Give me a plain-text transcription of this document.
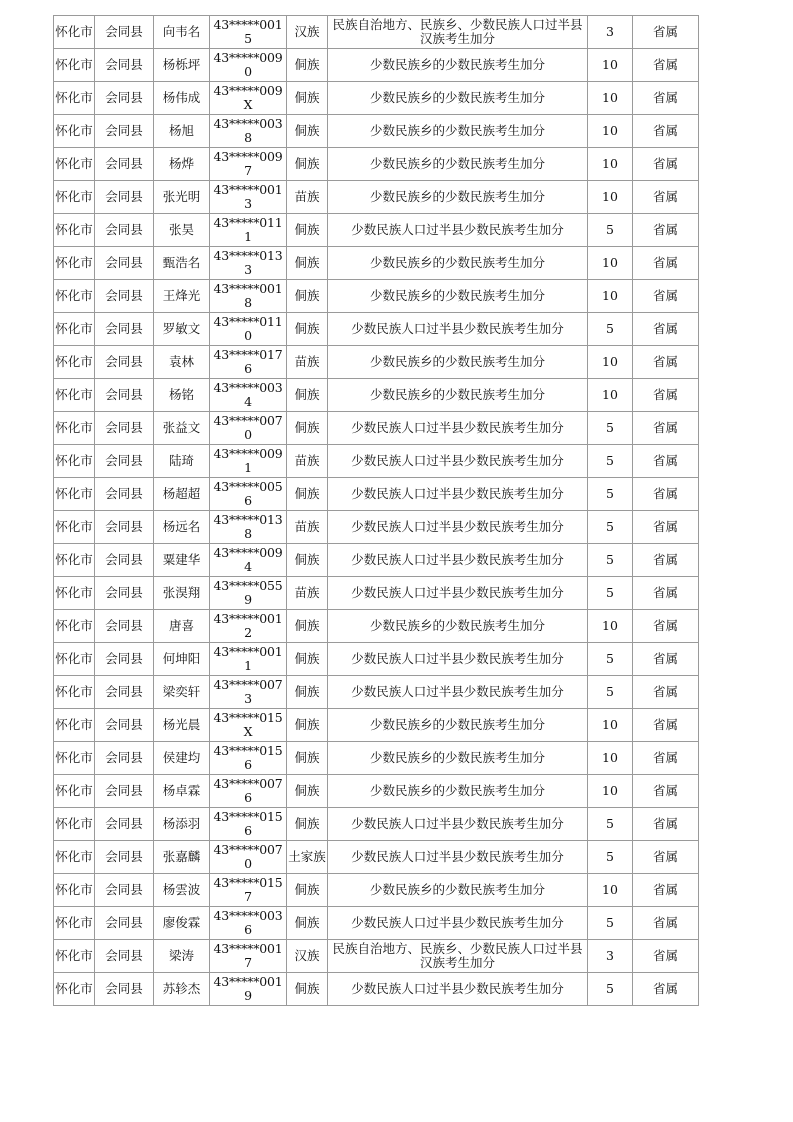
怀化市	会同县	向韦名	43*****0015	汉族	民族自治地方、民族乡、少数民族人口过半县汉族考生加分	3	省属
怀化市	会同县	杨栎坪	43*****0090	侗族	少数民族乡的少数民族考生加分	10	省属
怀化市	会同县	杨伟成	43*****009X	侗族	少数民族乡的少数民族考生加分	10	省属
怀化市	会同县	杨旭	43*****0038	侗族	少数民族乡的少数民族考生加分	10	省属
怀化市	会同县	杨烨	43*****0097	侗族	少数民族乡的少数民族考生加分	10	省属
怀化市	会同县	张光明	43*****0013	苗族	少数民族乡的少数民族考生加分	10	省属
怀化市	会同县	张昊	43*****0111	侗族	少数民族人口过半县少数民族考生加分	5	省属
怀化市	会同县	甄浩名	43*****0133	侗族	少数民族乡的少数民族考生加分	10	省属
怀化市	会同县	王烽光	43*****0018	侗族	少数民族乡的少数民族考生加分	10	省属
怀化市	会同县	罗敏文	43*****0110	侗族	少数民族人口过半县少数民族考生加分	5	省属
怀化市	会同县	袁林	43*****0176	苗族	少数民族乡的少数民族考生加分	10	省属
怀化市	会同县	杨铭	43*****0034	侗族	少数民族乡的少数民族考生加分	10	省属
怀化市	会同县	张益文	43*****0070	侗族	少数民族人口过半县少数民族考生加分	5	省属
怀化市	会同县	陆琦	43*****0091	苗族	少数民族人口过半县少数民族考生加分	5	省属
怀化市	会同县	杨超超	43*****0056	侗族	少数民族人口过半县少数民族考生加分	5	省属
怀化市	会同县	杨远名	43*****0138	苗族	少数民族人口过半县少数民族考生加分	5	省属
怀化市	会同县	粟建华	43*****0094	侗族	少数民族人口过半县少数民族考生加分	5	省属
怀化市	会同县	张淏翔	43*****0559	苗族	少数民族人口过半县少数民族考生加分	5	省属
怀化市	会同县	唐喜	43*****0012	侗族	少数民族乡的少数民族考生加分	10	省属
怀化市	会同县	何坤阳	43*****0011	侗族	少数民族人口过半县少数民族考生加分	5	省属
怀化市	会同县	梁奕轩	43*****0073	侗族	少数民族人口过半县少数民族考生加分	5	省属
怀化市	会同县	杨光晨	43*****015X	侗族	少数民族乡的少数民族考生加分	10	省属
怀化市	会同县	侯建均	43*****0156	侗族	少数民族乡的少数民族考生加分	10	省属
怀化市	会同县	杨卓霖	43*****0076	侗族	少数民族乡的少数民族考生加分	10	省属
怀化市	会同县	杨添羽	43*****0156	侗族	少数民族人口过半县少数民族考生加分	5	省属
怀化市	会同县	张嘉麟	43*****0070	土家族	少数民族人口过半县少数民族考生加分	5	省属
怀化市	会同县	杨雲波	43*****0157	侗族	少数民族乡的少数民族考生加分	10	省属
怀化市	会同县	廖俊霖	43*****0036	侗族	少数民族人口过半县少数民族考生加分	5	省属
怀化市	会同县	梁涛	43*****0017	汉族	民族自治地方、民族乡、少数民族人口过半县汉族考生加分	3	省属
怀化市	会同县	苏轸杰	43*****0019	侗族	少数民族人口过半县少数民族考生加分	5	省属
